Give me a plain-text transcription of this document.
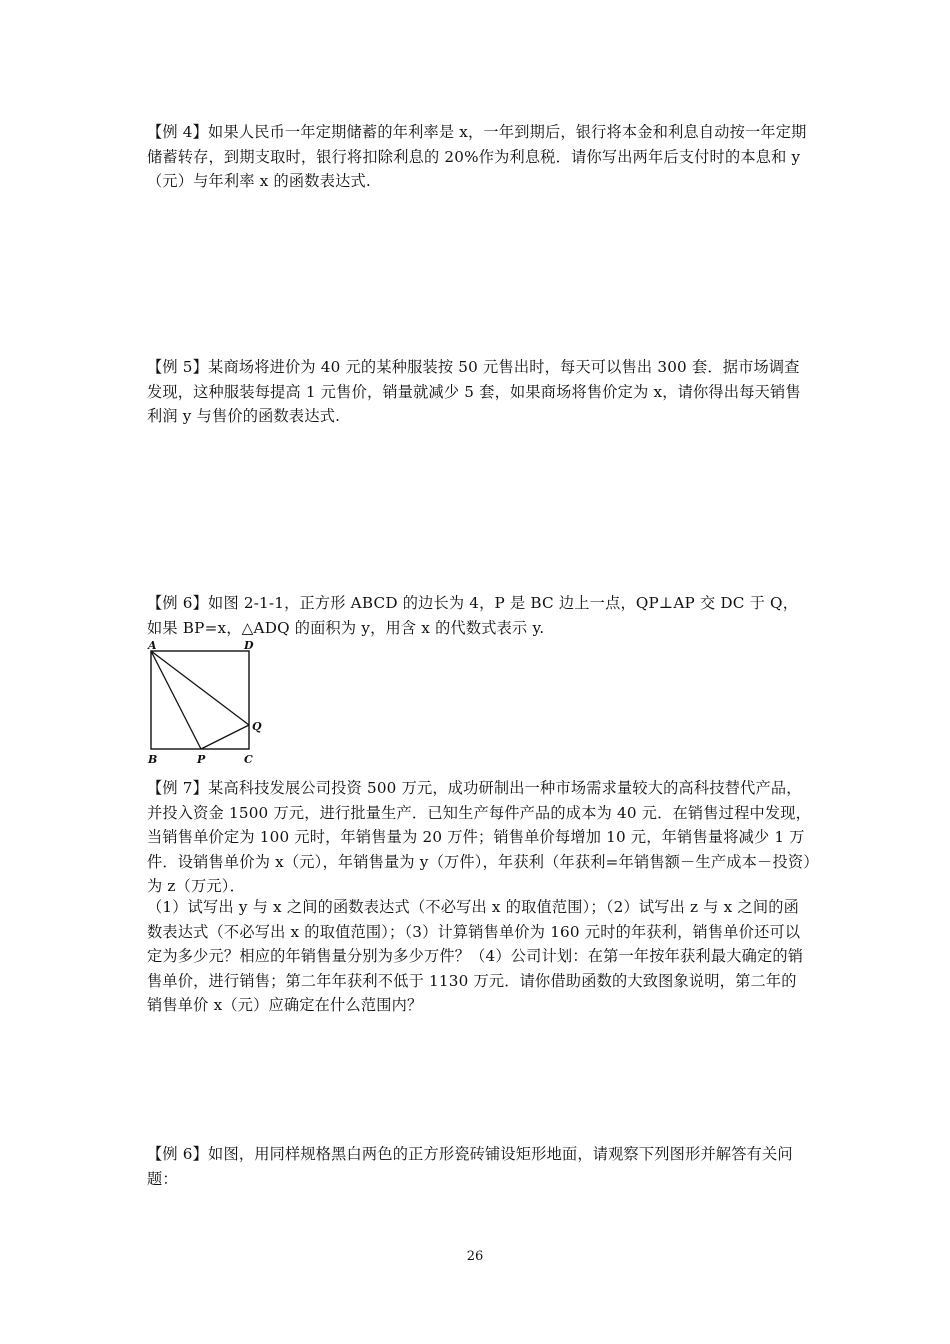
【例 4】如果人民币一年定期储蓄的年利率是 x，一年到期后，银行将本金和利息自动按一年定期储蓄转存，到期支取时，银行将扣除利息的 20%作为利息税．请你写出两年后支付时的本息和 y（元）与年利率 x 的函数表达式.

【例 5】某商场将进价为 40 元的某种服装按 50 元售出时，每天可以售出 300 套．据市场调查发现，这种服装每提高 1 元售价，销量就减少 5 套，如果商场将售价定为 x，请你得出每天销售利润 y 与售价的函数表达式.

【例 6】如图 2-1-1，正方形 ABCD 的边长为 4，P 是 BC 边上一点，QP⊥AP 交 DC 于 Q，如果 BP=x，△ADQ 的面积为 y，用含 x 的代数式表示 y.

A	D
B	C
P
Q

【例 7】某高科技发展公司投资 500 万元，成功研制出一种市场需求量较大的高科技替代产品，并投入资金 1500 万元，进行批量生产．已知生产每件产品的成本为 40 元．在销售过程中发现，当销售单价定为 100 元时，年销售量为 20 万件；销售单价每增加 10 元，年销售量将减少 1 万件．设销售单价为 x（元），年销售量为 y（万件），年获利（年获利=年销售额－生产成本－投资）为 z（万元）．

（1）试写出 y 与 x 之间的函数表达式（不必写出 x 的取值范围）；（2）试写出 z 与 x 之间的函数表达式（不必写出 x 的取值范围）；（3）计算销售单价为 160 元时的年获利，销售单价还可以定为多少元？相应的年销售量分别为多少万件？（4）公司计划：在第一年按年获利最大确定的销售单价，进行销售；第二年年获利不低于 1130 万元．请你借助函数的大致图象说明，第二年的销售单价 x（元）应确定在什么范围内？

【例 6】如图，用同样规格黑白两色的正方形瓷砖铺设矩形地面，请观察下列图形并解答有关问题：

26
